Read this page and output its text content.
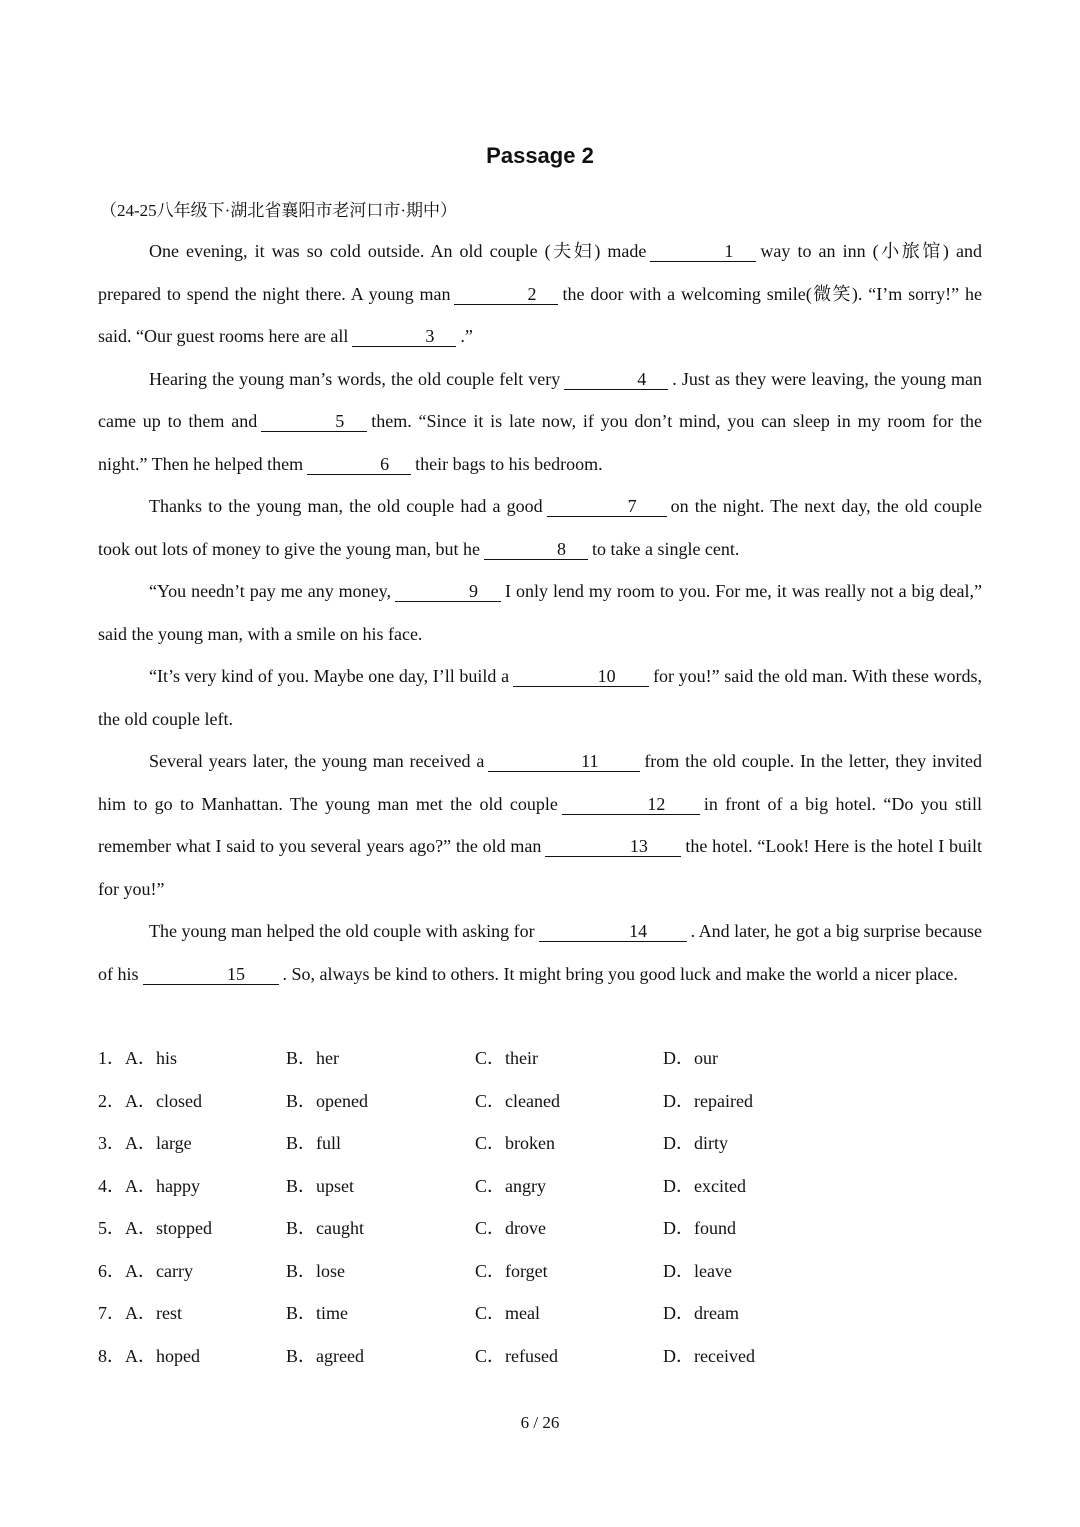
Passage 2
（24-25八年级下·湖北省襄阳市老河口市·期中）

One evening, it was so cold outside. An old couple (夫妇) made	1 way to an inn (小旅馆) and prepared to spend the night there. A young man	2 the door with a welcoming smile(微笑). “I’m sorry!” he said. “Our guest rooms here are all	3 .”

Hearing the young man’s words, the old couple felt very	4 . Just as they were leaving, the young man came up to them and	5 them. “Since it is late now, if you don’t mind, you can sleep in my room for the night.” Then he helped them	6 their bags to his bedroom.

Thanks to the young man, the old couple had a good	7 on the night. The next day, the old couple took out lots of money to give the young man, but he	8 to take a single cent.

“You needn’t pay me any money,	9 I only lend my room to you. For me, it was really not a big deal,” said the young man, with a smile on his face.

“It’s very kind of you. Maybe one day, I’ll build a	10 for you!” said the old man. With these words, the old couple left.

Several years later, the young man received a	11	from the old couple. In the letter, they invited him to go to Manhattan. The young man met the old couple	12 in front of a big hotel. “Do you still remember what I said to you several years ago?” the old man	13 the hotel. “Look! Here is the hotel I built for you!”

The young man helped the old couple with asking for	14 . And later, he got a big surprise because of his	15 . So, always be kind to others. It might bring you good luck and make the world a nicer place.

1．A．his	B．her	C．their	D．our
2．A．closed	B．opened	C．cleaned	D．repaired
3．A．large	B．full	C．broken	D．dirty
4．A．happy	B．upset	C．angry	D．excited
5．A．stopped	B．caught	C．drove	D．found
6．A．carry	B．lose	C．forget	D．leave
7．A．rest	B．time	C．meal	D．dream
8．A．hoped	B．agreed	C．refused	D．received
6 / 26
